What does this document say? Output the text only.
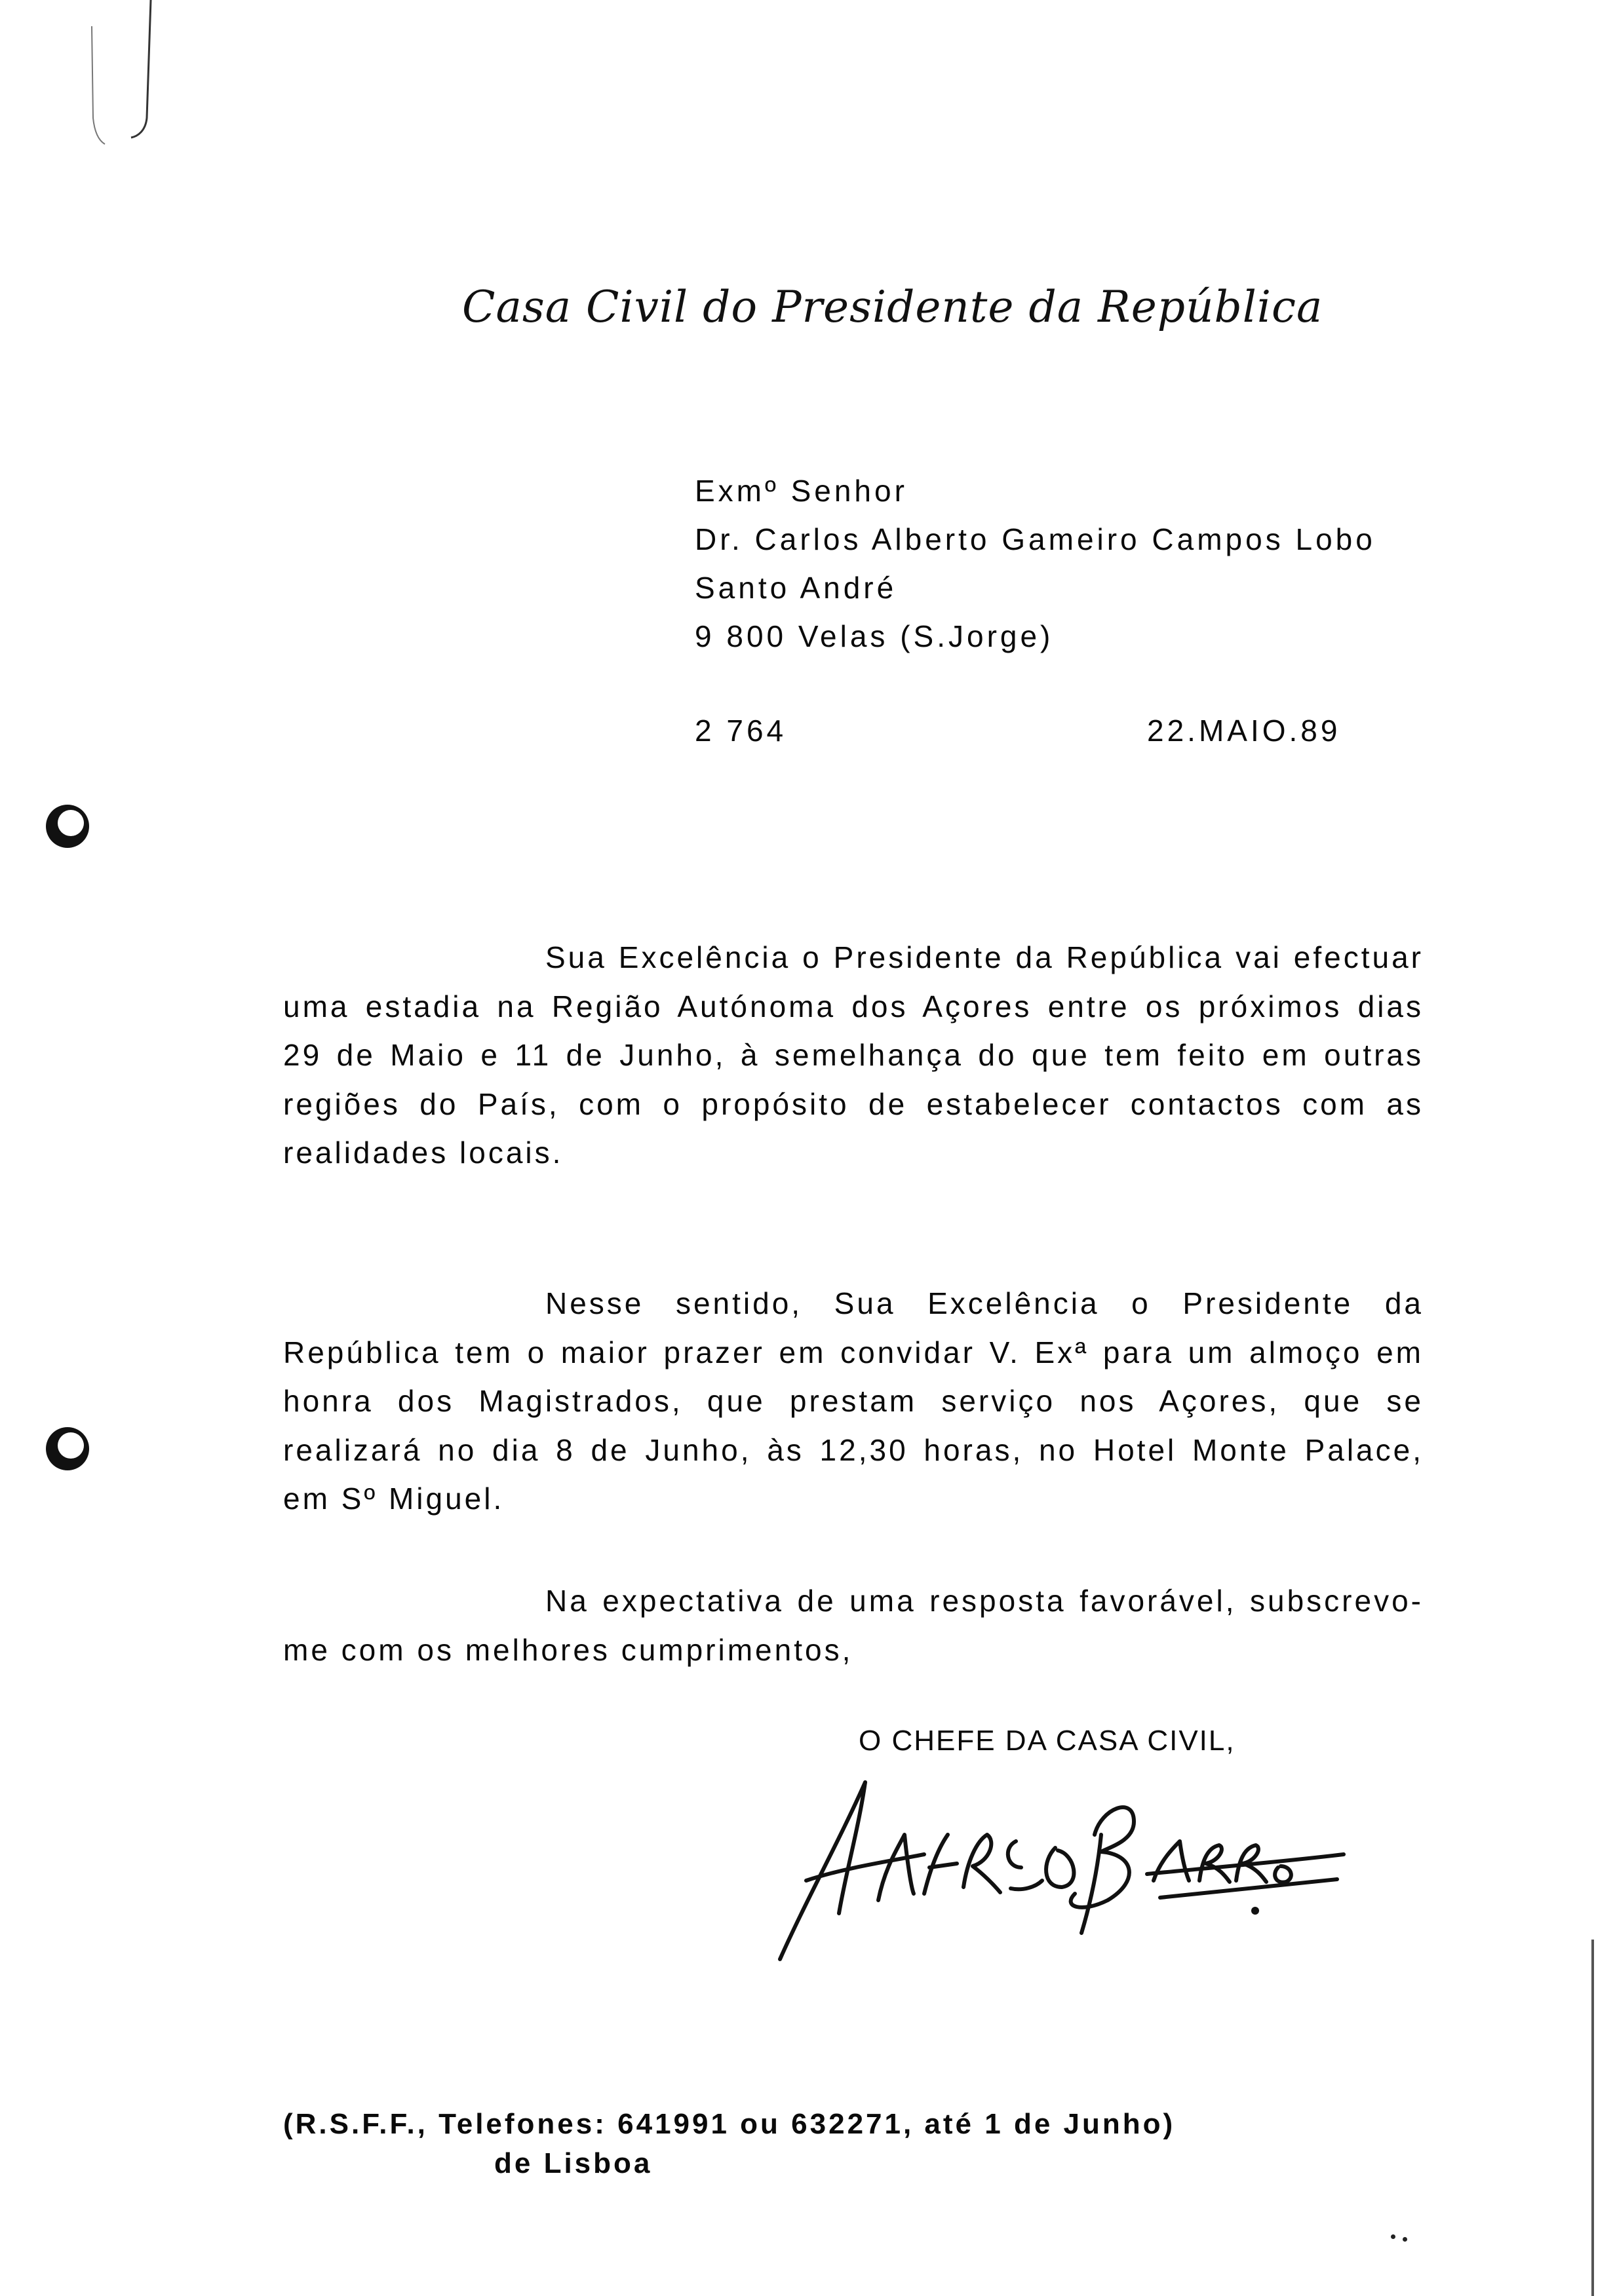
Casa Civil do Presidente da República
Exmº Senhor
Dr. Carlos Alberto Gameiro Campos Lobo
Santo André
9 800 Velas (S.Jorge)
2 764	22.MAIO.89
Sua Excelência o Presidente da República vai efectuar uma estadia na Região Autónoma dos Açores entre os próximos dias 29 de Maio e 11 de Junho, à semelhança do que tem feito em outras regiões do País, com o propósito de estabelecer contactos com as realidades locais.
Nesse sentido, Sua Excelência o Presidente da República tem o maior prazer em convidar V. Exª para um almoço em honra dos Magistrados, que prestam serviço nos Açores, que se realizará no dia 8 de Junho, às 12,30 horas, no Hotel Monte Palace, em Sº Miguel.
Na expectativa de uma resposta favorável, subscrevo-me com os melhores cumprimentos,
O CHEFE DA CASA CIVIL,
(R.S.F.F., Telefones: 641991 ou 632271, até 1 de Junho)
de Lisboa
